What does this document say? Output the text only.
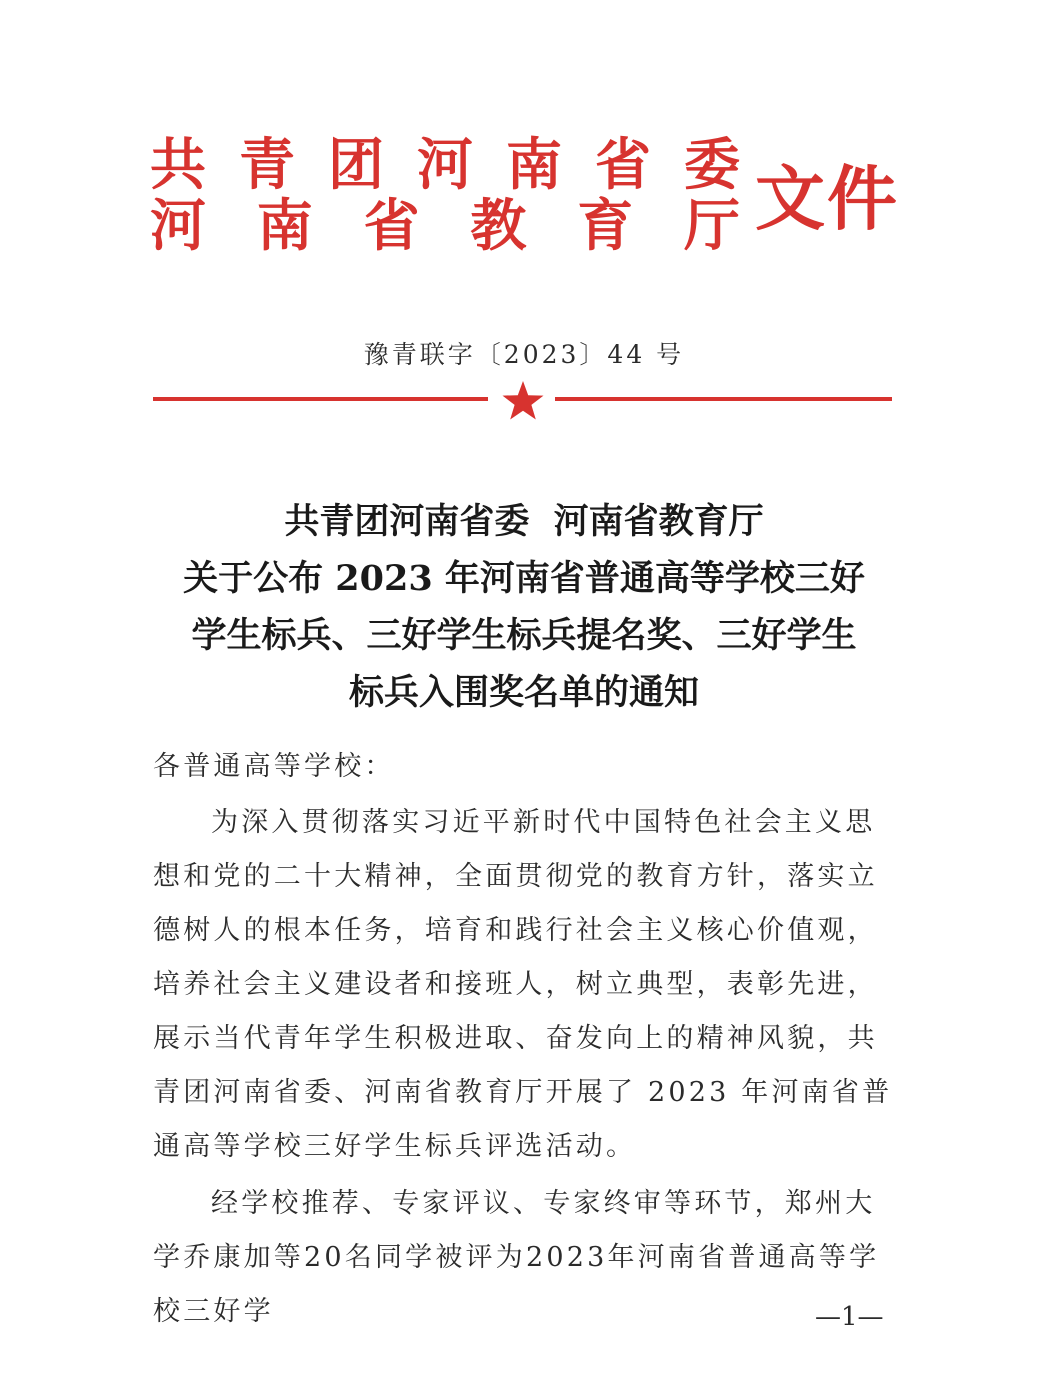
共 青 团 河 南 省 委
河 南 省 教 育 厅 文件
豫青联字〔2023〕44 号
共青团河南省委  河南省教育厅
关于公布 2023 年河南省普通高等学校三好
学生标兵、三好学生标兵提名奖、三好学生
标兵入围奖名单的通知
各普通高等学校：
为深入贯彻落实习近平新时代中国特色社会主义思想和党的二十大精神，全面贯彻党的教育方针，落实立德树人的根本任务，培育和践行社会主义核心价值观，培养社会主义建设者和接班人，树立典型，表彰先进，展示当代青年学生积极进取、奋发向上的精神风貌，共青团河南省委、河南省教育厅开展了 2023 年河南省普通高等学校三好学生标兵评选活动。
经学校推荐、专家评议、专家终审等环节，郑州大学乔康加等20名同学被评为2023年河南省普通高等学校三好学	—1—
